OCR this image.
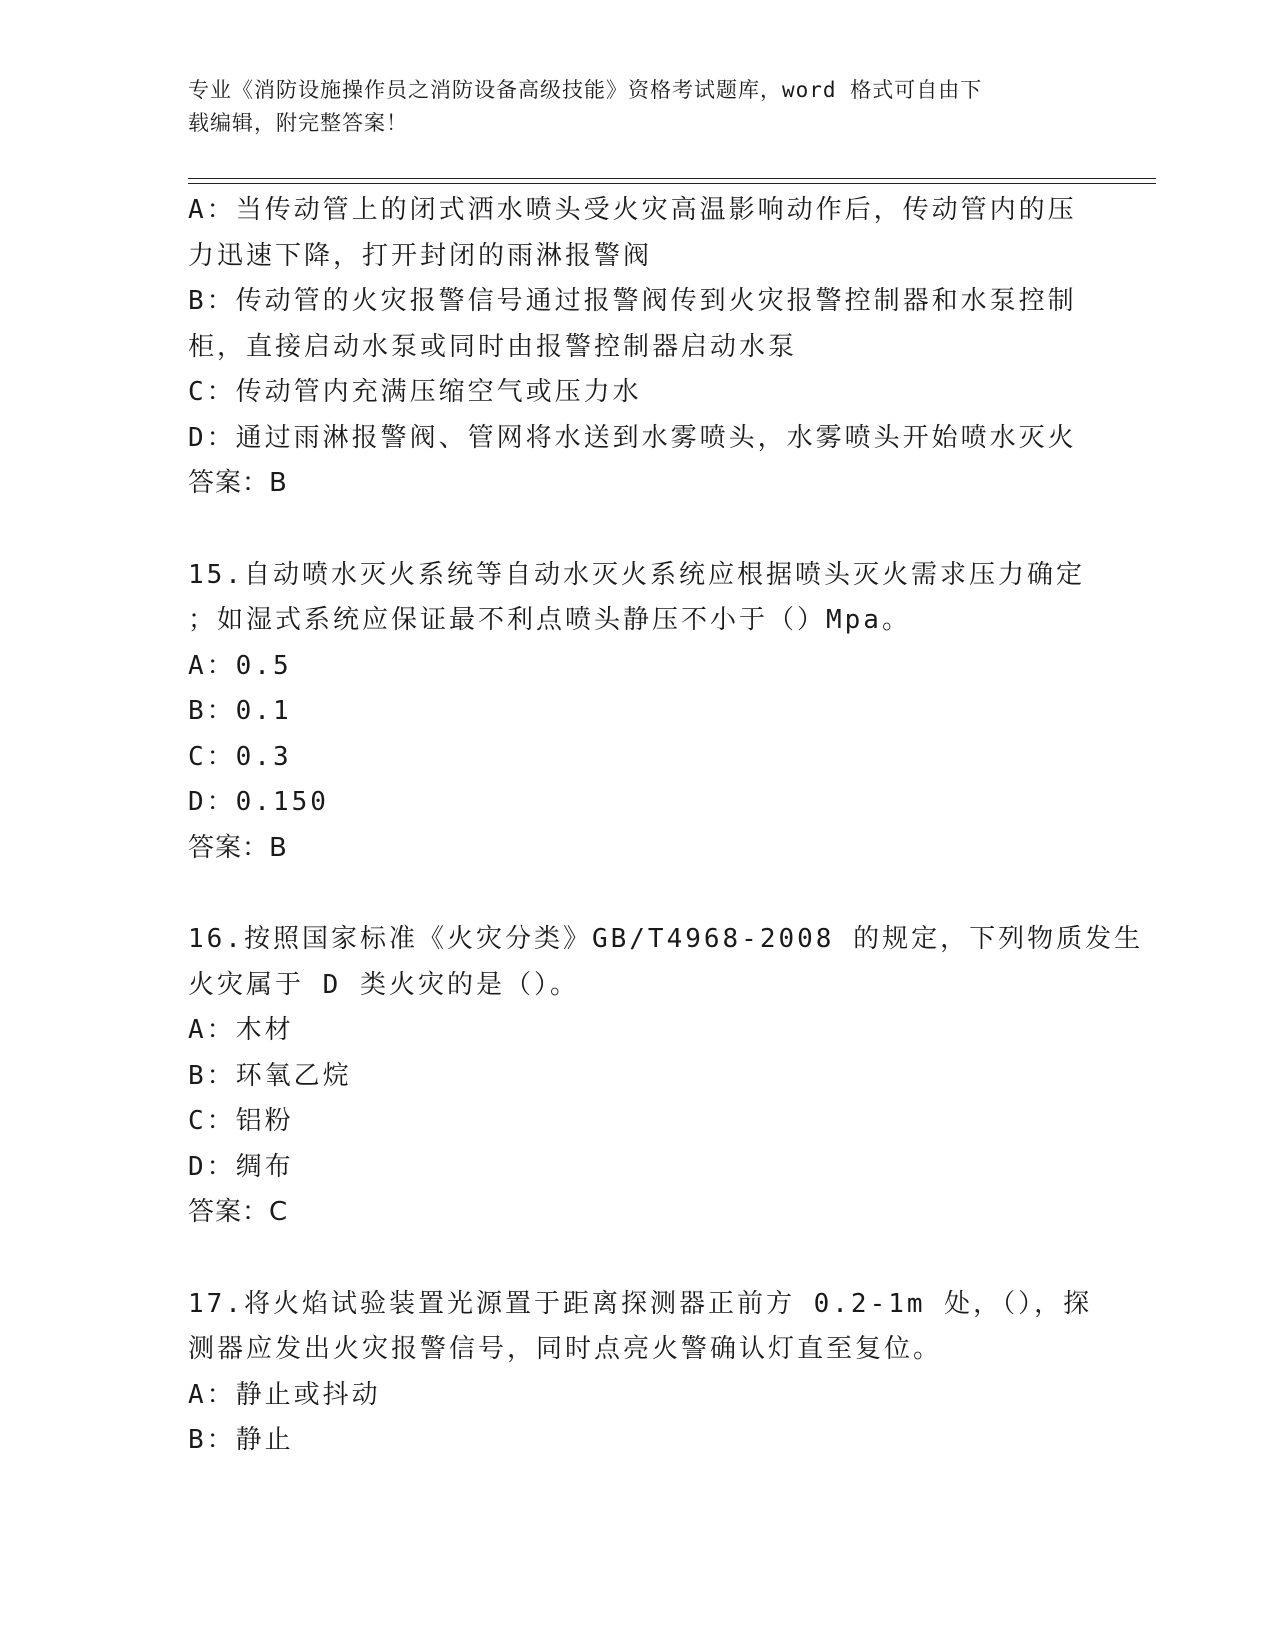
专业《消防设施操作员之消防设备高级技能》资格考试题库，word 格式可自由下
载编辑，附完整答案！
A：当传动管上的闭式洒水喷头受火灾高温影响动作后，传动管内的压
力迅速下降，打开封闭的雨淋报警阀
B：传动管的火灾报警信号通过报警阀传到火灾报警控制器和水泵控制
柜，直接启动水泵或同时由报警控制器启动水泵
C：传动管内充满压缩空气或压力水
D：通过雨淋报警阀、管网将水送到水雾喷头，水雾喷头开始喷水灭火
答案：B
15.自动喷水灭火系统等自动水灭火系统应根据喷头灭火需求压力确定
；如湿式系统应保证最不利点喷头静压不小于（）Mpa。
A：0.5
B：0.1
C：0.3
D：0.150
答案：B
16.按照国家标准《火灾分类》GB/T4968-2008 的规定，下列物质发生
火灾属于 D 类火灾的是（）。
A：木材
B：环氧乙烷
C：铝粉
D：绸布
答案：C
17.将火焰试验装置光源置于距离探测器正前方 0.2-1m 处，（），探
测器应发出火灾报警信号，同时点亮火警确认灯直至复位。
A：静止或抖动
B：静止
